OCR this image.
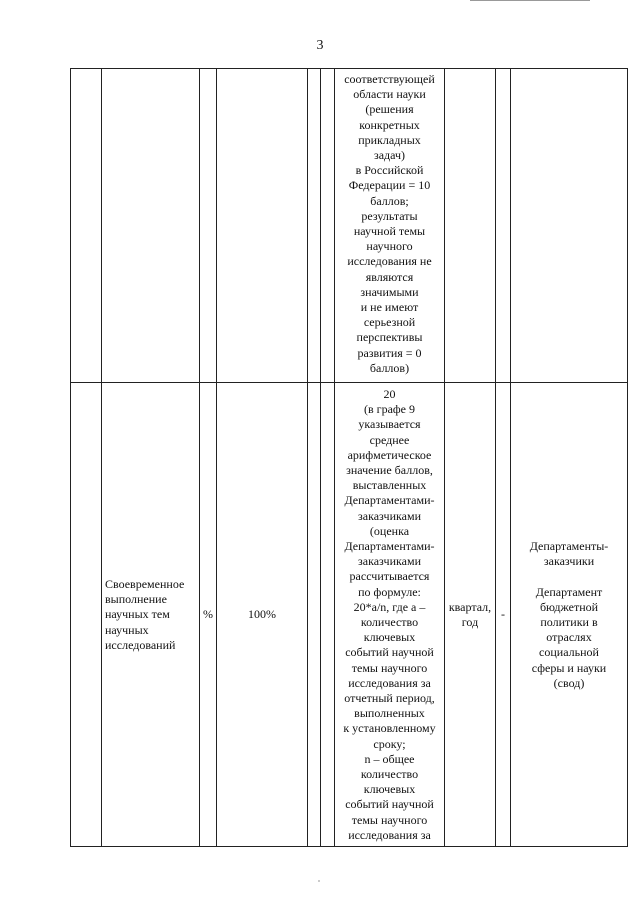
3
соответствующей
области науки
(решения
конкретных
прикладных
задач)
в Российской
Федерации = 10
баллов;
результаты
научной темы
научного
исследования не
являются
значимыми
и не имеют
серьезной
перспективы
развития = 0
баллов)
Своевременное
выполнение
научных тем
научных
исследований
%	100%
20
(в графе 9
указывается
среднее
арифметическое
значение баллов,
выставленных
Департаментами-
заказчиками
(оценка
Департаментами-
заказчиками
рассчитывается
по формуле:
20*a/n, где a –
количество
ключевых
событий научной
темы научного
исследования за
отчетный период,
выполненных
к установленному
сроку;
n – общее
количество
ключевых
событий научной
темы научного
исследования за
квартал,
год
-
Департаменты-
заказчики

Департамент
бюджетной
политики в
отраслях
социальной
сферы и науки
(свод)
